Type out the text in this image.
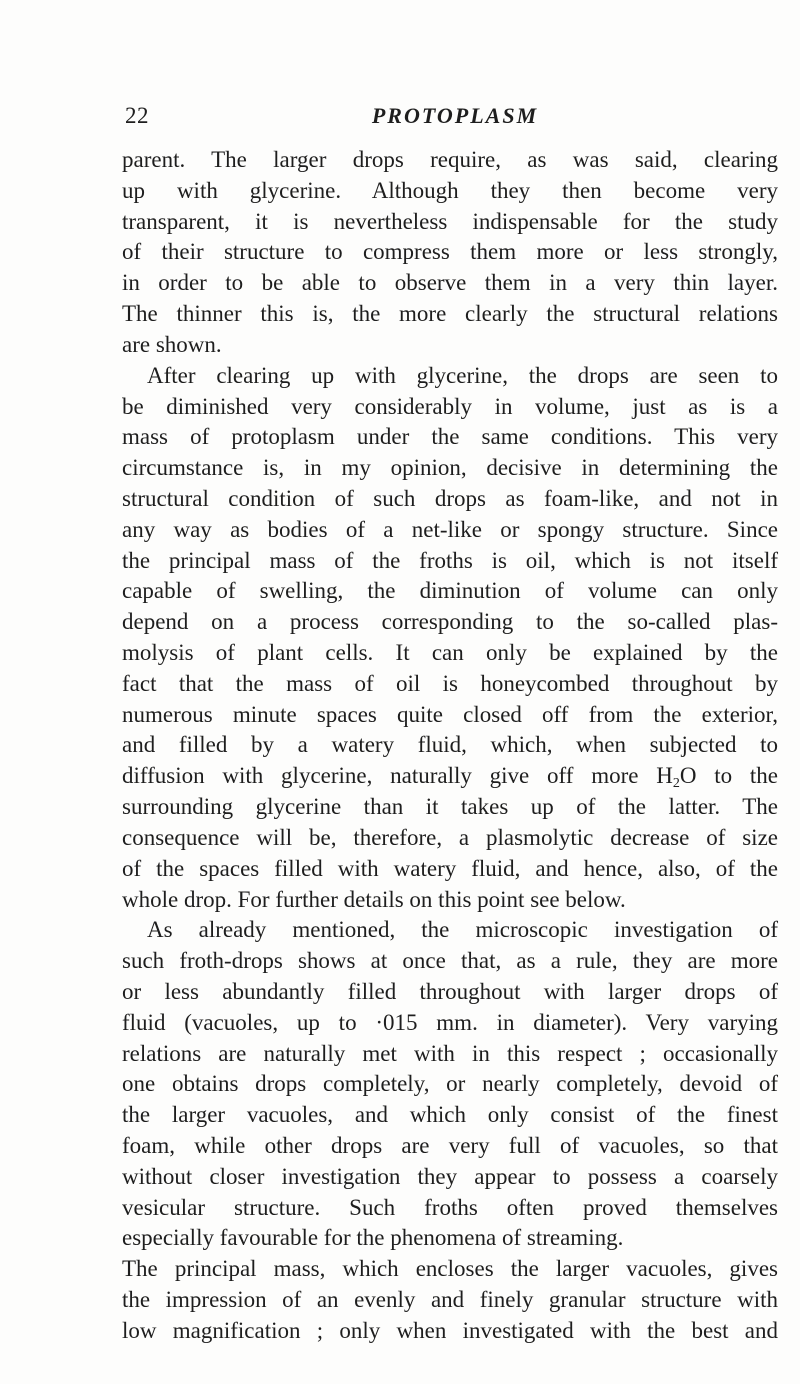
22	PROTOPLASM
parent. The larger drops require, as was said, clearing
up with glycerine. Although they then become very
transparent, it is nevertheless indispensable for the study
of their structure to compress them more or less strongly,
in order to be able to observe them in a very thin layer.
The thinner this is, the more clearly the structural relations
are shown.
After clearing up with glycerine, the drops are seen to
be diminished very considerably in volume, just as is a
mass of protoplasm under the same conditions. This very
circumstance is, in my opinion, decisive in determining the
structural condition of such drops as foam-like, and not in
any way as bodies of a net-like or spongy structure. Since
the principal mass of the froths is oil, which is not itself
capable of swelling, the diminution of volume can only
depend on a process corresponding to the so-called plas-
molysis of plant cells. It can only be explained by the
fact that the mass of oil is honeycombed throughout by
numerous minute spaces quite closed off from the exterior,
and filled by a watery fluid, which, when subjected to
diffusion with glycerine, naturally give off more $H_2O$ to the
surrounding glycerine than it takes up of the latter. The
consequence will be, therefore, a plasmolytic decrease of size
of the spaces filled with watery fluid, and hence, also, of the
whole drop. For further details on this point see below.
As already mentioned, the microscopic investigation of
such froth-drops shows at once that, as a rule, they are more
or less abundantly filled throughout with larger drops of
fluid (vacuoles, up to ·015 mm. in diameter). Very varying
relations are naturally met with in this respect ; occasionally
one obtains drops completely, or nearly completely, devoid of
the larger vacuoles, and which only consist of the finest
foam, while other drops are very full of vacuoles, so that
without closer investigation they appear to possess a coarsely
vesicular structure. Such froths often proved themselves
especially favourable for the phenomena of streaming.
The principal mass, which encloses the larger vacuoles, gives
the impression of an evenly and finely granular structure with
low magnification ; only when investigated with the best and
